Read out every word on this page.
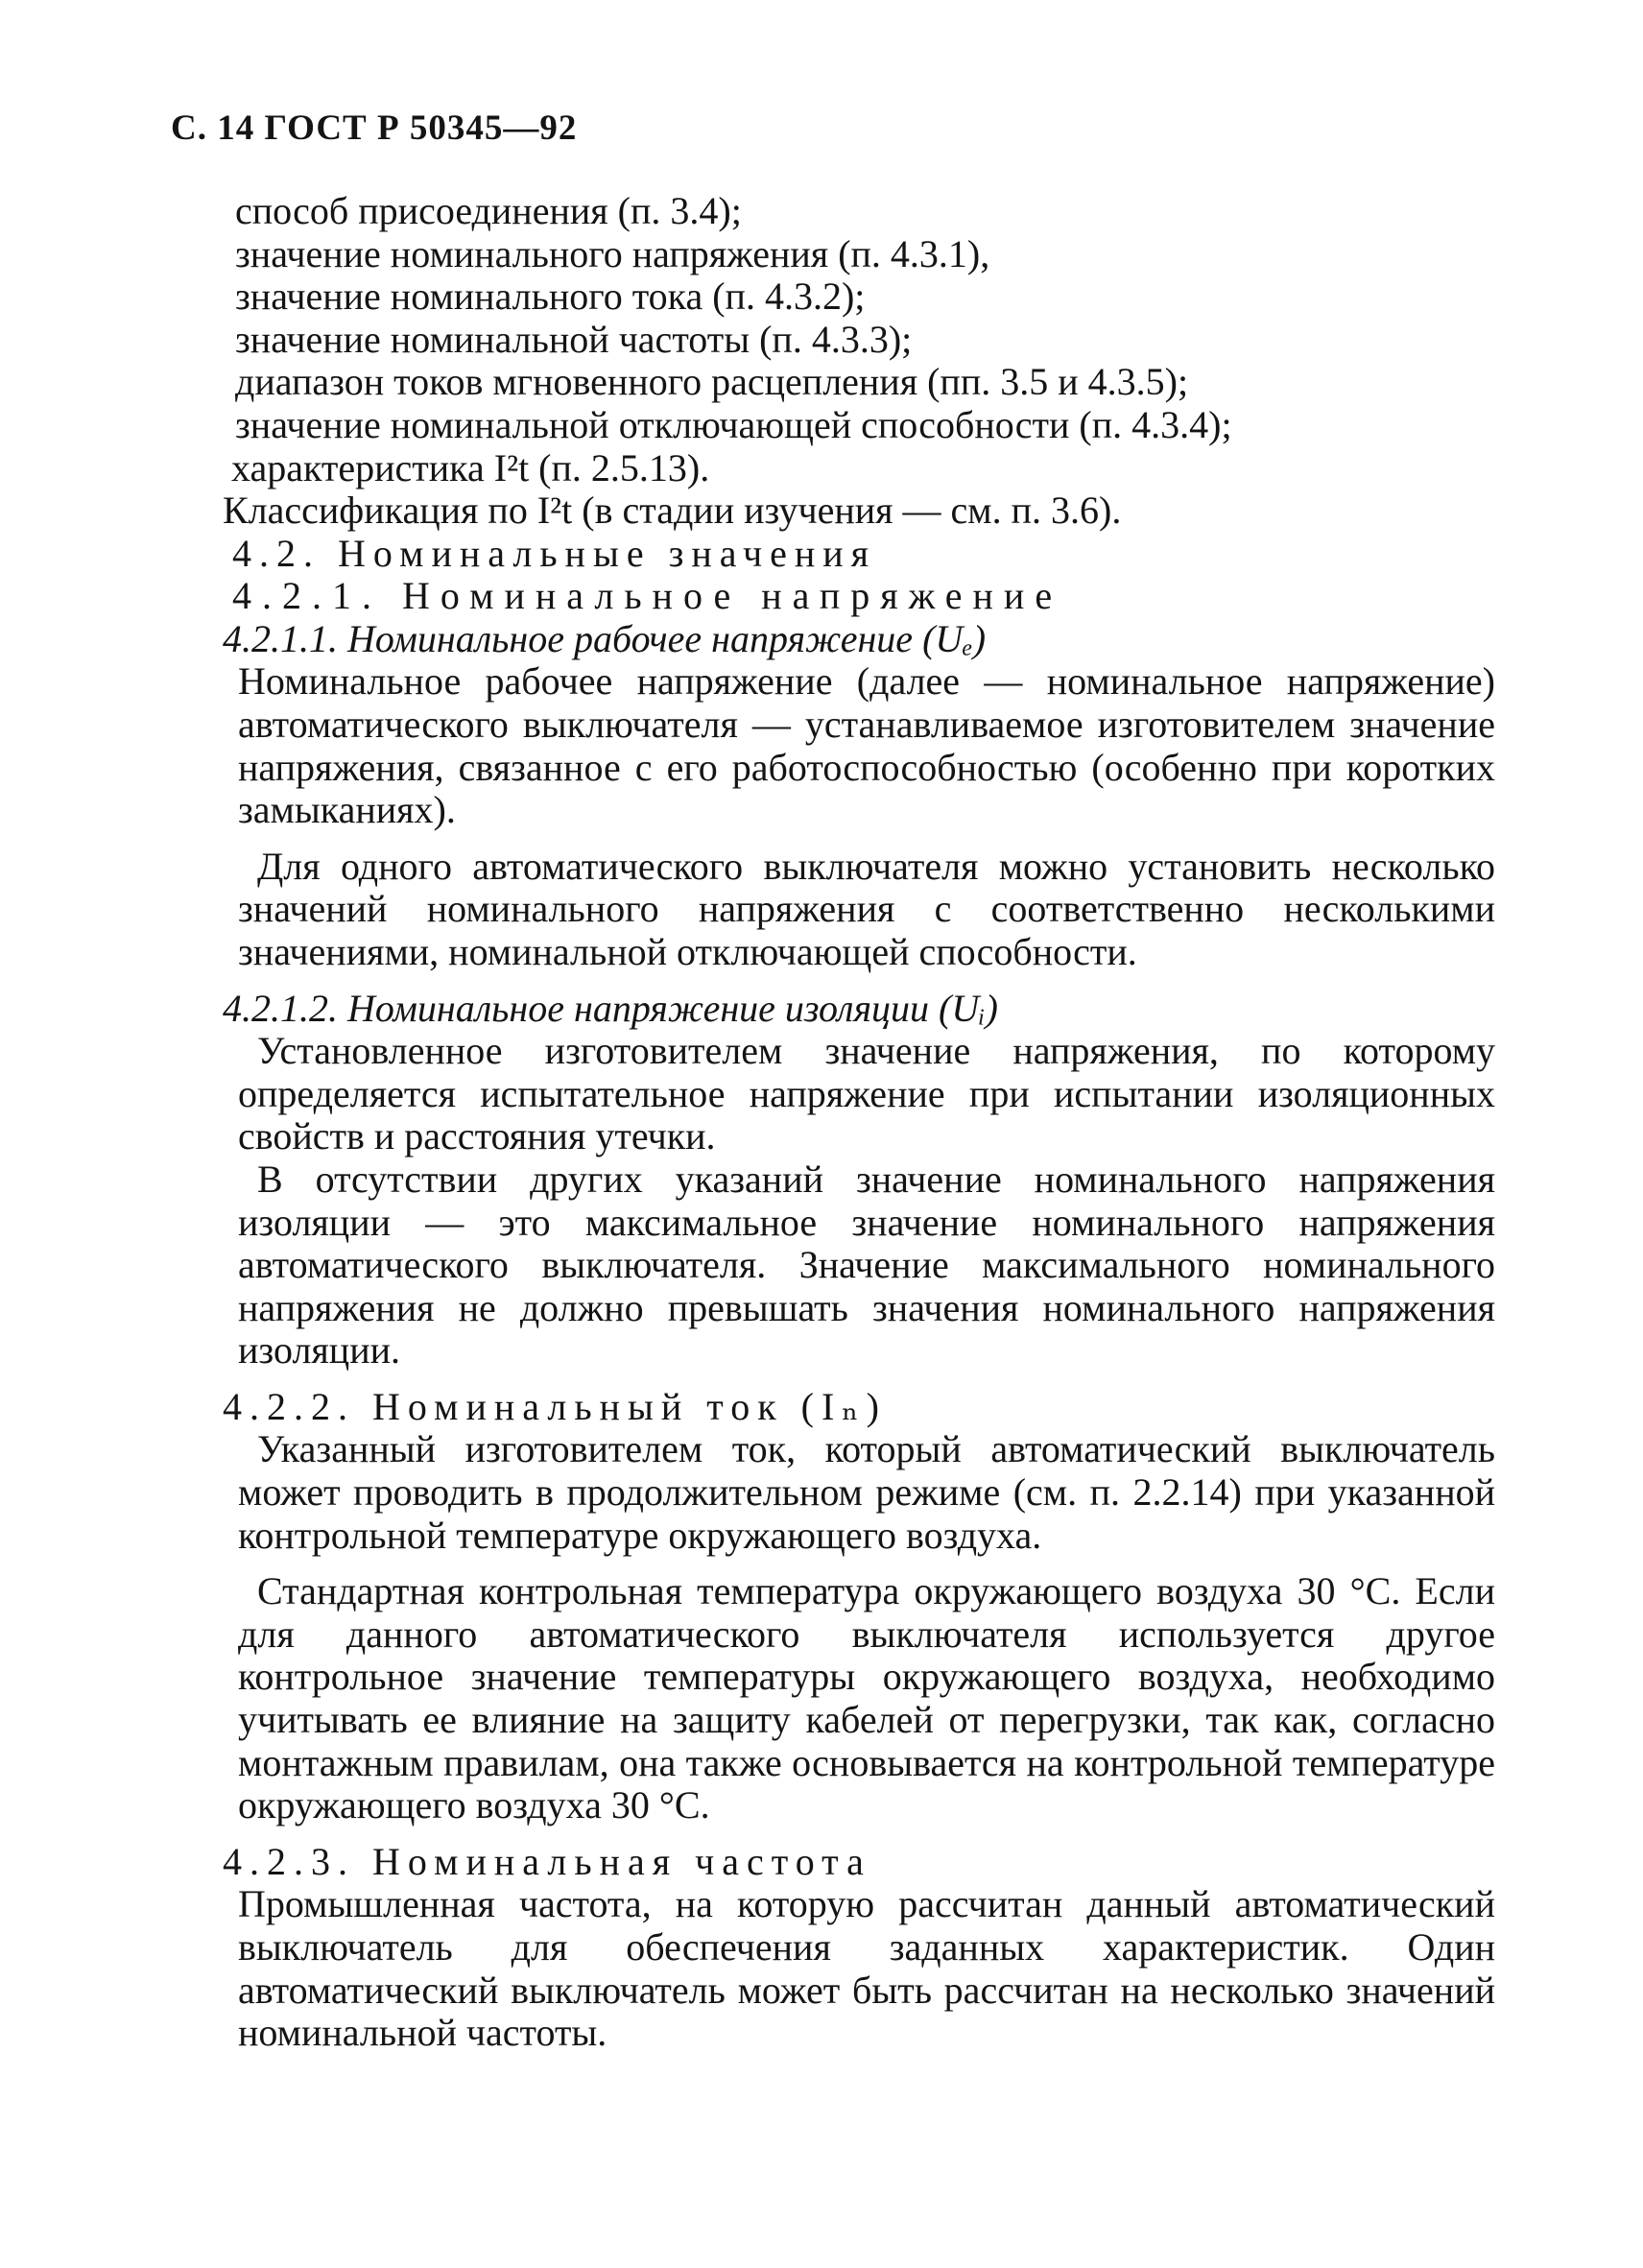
С. 14 ГОСТ Р 50345—92
способ присоединения (п. 3.4);
значение номинального напряжения (п. 4.3.1),
значение номинального тока (п. 4.3.2);
значение номинальной частоты (п. 4.3.3);
диапазон токов мгновенного расцепления (пп. 3.5 и 4.3.5);
значение номинальной отключающей способности (п. 4.3.4);
характеристика I²t (п. 2.5.13).
Классификация по I²t (в стадии изучения — см. п. 3.6).
4.2. Номинальные значения
4.2.1. Номинальное напряжение
4.2.1.1. Номинальное рабочее напряжение (Uₑ)

Номинальное рабочее напряжение (далее — номинальное напряжение) автоматического выключателя — устанавливаемое изготовителем значение напряжения, связанное с его работоспособностью (особенно при коротких замыканиях).

Для одного автоматического выключателя можно установить несколько значений номинального напряжения с соответственно несколькими значениями, номинальной отключающей способности.

4.2.1.2. Номинальное напряжение изоляции (Uᵢ)

Установленное изготовителем значение напряжения, по которому определяется испытательное напряжение при испытании изоляционных свойств и расстояния утечки.

В отсутствии других указаний значение номинального напряжения изоляции — это максимальное значение номинального напряжения автоматического выключателя. Значение максимального номинального напряжения не должно превышать значения номинального напряжения изоляции.

4.2.2. Номинальный ток (Iₙ)

Указанный изготовителем ток, который автоматический выключатель может проводить в продолжительном режиме (см. п. 2.2.14) при указанной контрольной температуре окружающего воздуха.

Стандартная контрольная температура окружающего воздуха 30 °С. Если для данного автоматического выключателя используется другое контрольное значение температуры окружающего воздуха, необходимо учитывать ее влияние на защиту кабелей от перегрузки, так как, согласно монтажным правилам, она также основывается на контрольной температуре окружающего воздуха 30 °С.

4.2.3. Номинальная частота

Промышленная частота, на которую рассчитан данный автоматический выключатель для обеспечения заданных характеристик. Один автоматический выключатель может быть рассчитан на несколько значений номинальной частоты.
